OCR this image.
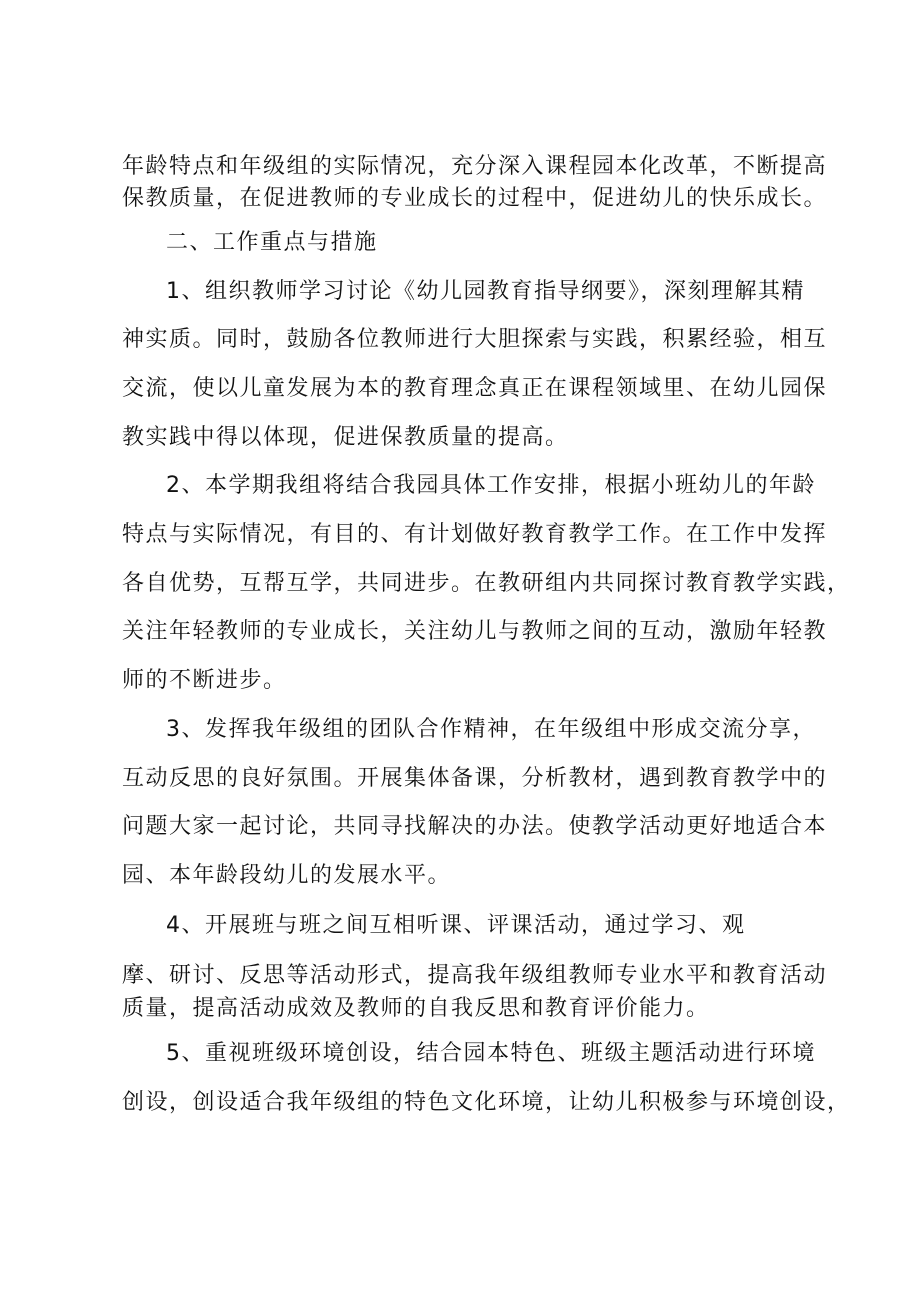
年龄特点和年级组的实际情况，充分深入课程园本化改革，不断提高
保教质量，在促进教师的专业成长的过程中，促进幼儿的快乐成长。
二、工作重点与措施
1、组织教师学习讨论《幼儿园教育指导纲要》，深刻理解其精
神实质。同时，鼓励各位教师进行大胆探索与实践，积累经验，相互
交流，使以儿童发展为本的教育理念真正在课程领域里、在幼儿园保
教实践中得以体现，促进保教质量的提高。
2、本学期我组将结合我园具体工作安排，根据小班幼儿的年龄
特点与实际情况，有目的、有计划做好教育教学工作。在工作中发挥
各自优势，互帮互学，共同进步。在教研组内共同探讨教育教学实践，
关注年轻教师的专业成长，关注幼儿与教师之间的互动，激励年轻教
师的不断进步。
3、发挥我年级组的团队合作精神，在年级组中形成交流分享，
互动反思的良好氛围。开展集体备课，分析教材，遇到教育教学中的
问题大家一起讨论，共同寻找解决的办法。使教学活动更好地适合本
园、本年龄段幼儿的发展水平。
4、开展班与班之间互相听课、评课活动，通过学习、观
摩、研讨、反思等活动形式，提高我年级组教师专业水平和教育活动
质量，提高活动成效及教师的自我反思和教育评价能力。
5、重视班级环境创设，结合园本特色、班级主题活动进行环境
创设，创设适合我年级组的特色文化环境，让幼儿积极参与环境创设，
